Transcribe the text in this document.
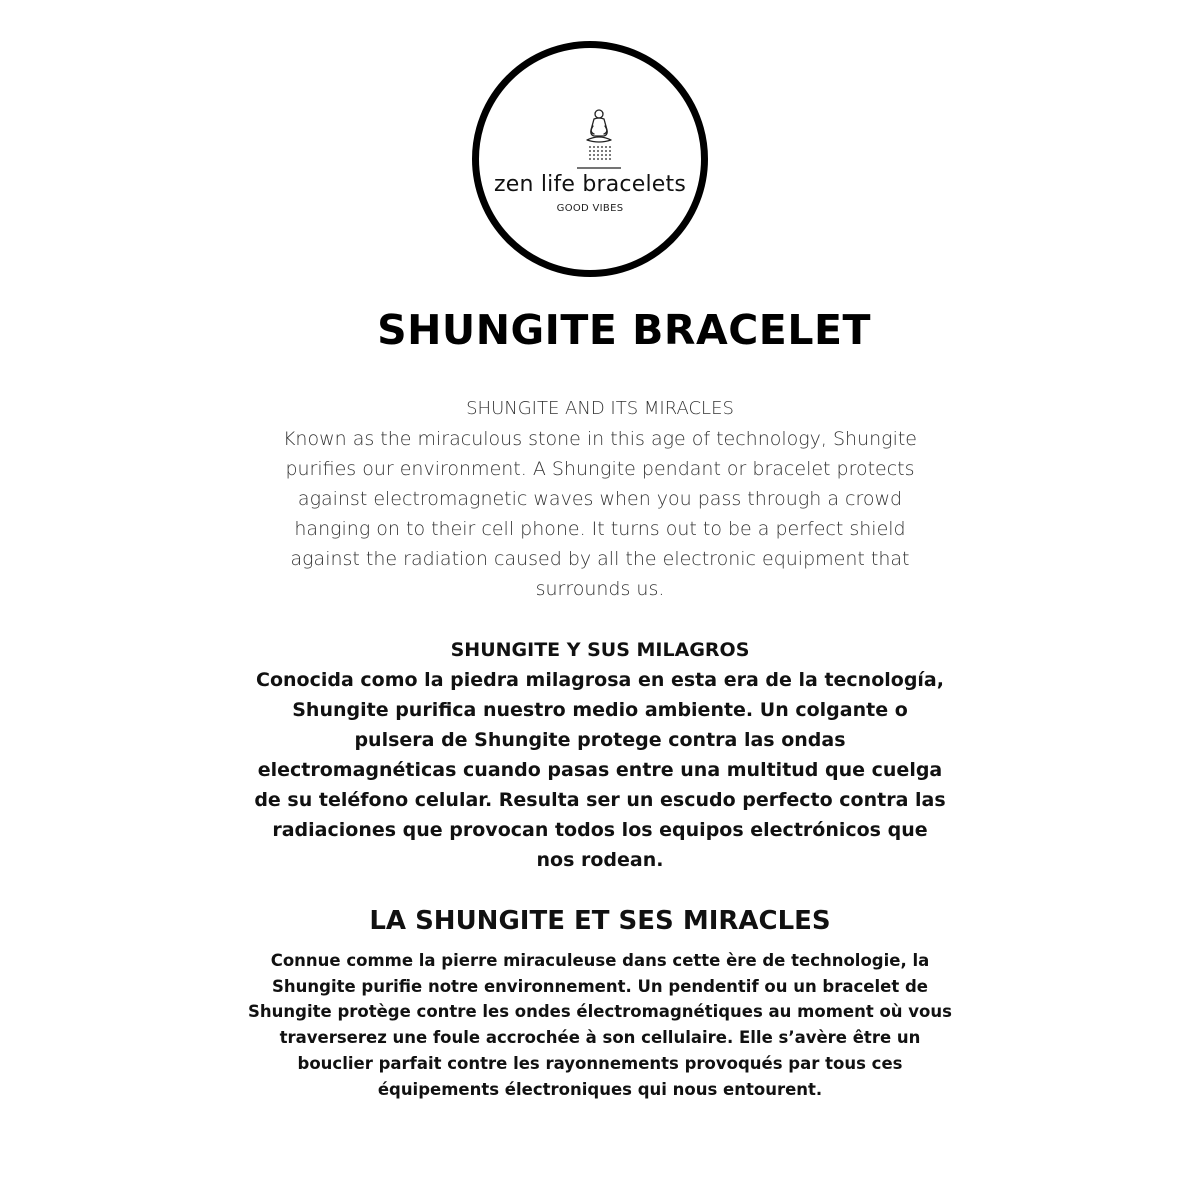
zen life bracelets
GOOD VIBES
SHUNGITE BRACELET
SHUNGITE AND ITS MIRACLES
Known as the miraculous stone in this age of technology, Shungite purifies our environment. A Shungite pendant or bracelet protects against electromagnetic waves when you pass through a crowd hanging on to their cell phone. It turns out to be a perfect shield against the radiation caused by all the electronic equipment that surrounds us.
SHUNGITE Y SUS MILAGROS
Conocida como la piedra milagrosa en esta era de la tecnología, Shungite purifica nuestro medio ambiente. Un colgante o pulsera de Shungite protege contra las ondas electromagnéticas cuando pasas entre una multitud que cuelga de su teléfono celular. Resulta ser un escudo perfecto contra las radiaciones que provocan todos los equipos electrónicos que nos rodean.
LA SHUNGITE ET SES MIRACLES
Connue comme la pierre miraculeuse dans cette ère de technologie, la Shungite purifie notre environnement. Un pendentif ou un bracelet de Shungite protège contre les ondes électromagnétiques au moment où vous traverserez une foule accrochée à son cellulaire. Elle s’avère être un bouclier parfait contre les rayonnements provoqués par tous ces équipements électroniques qui nous entourent.
